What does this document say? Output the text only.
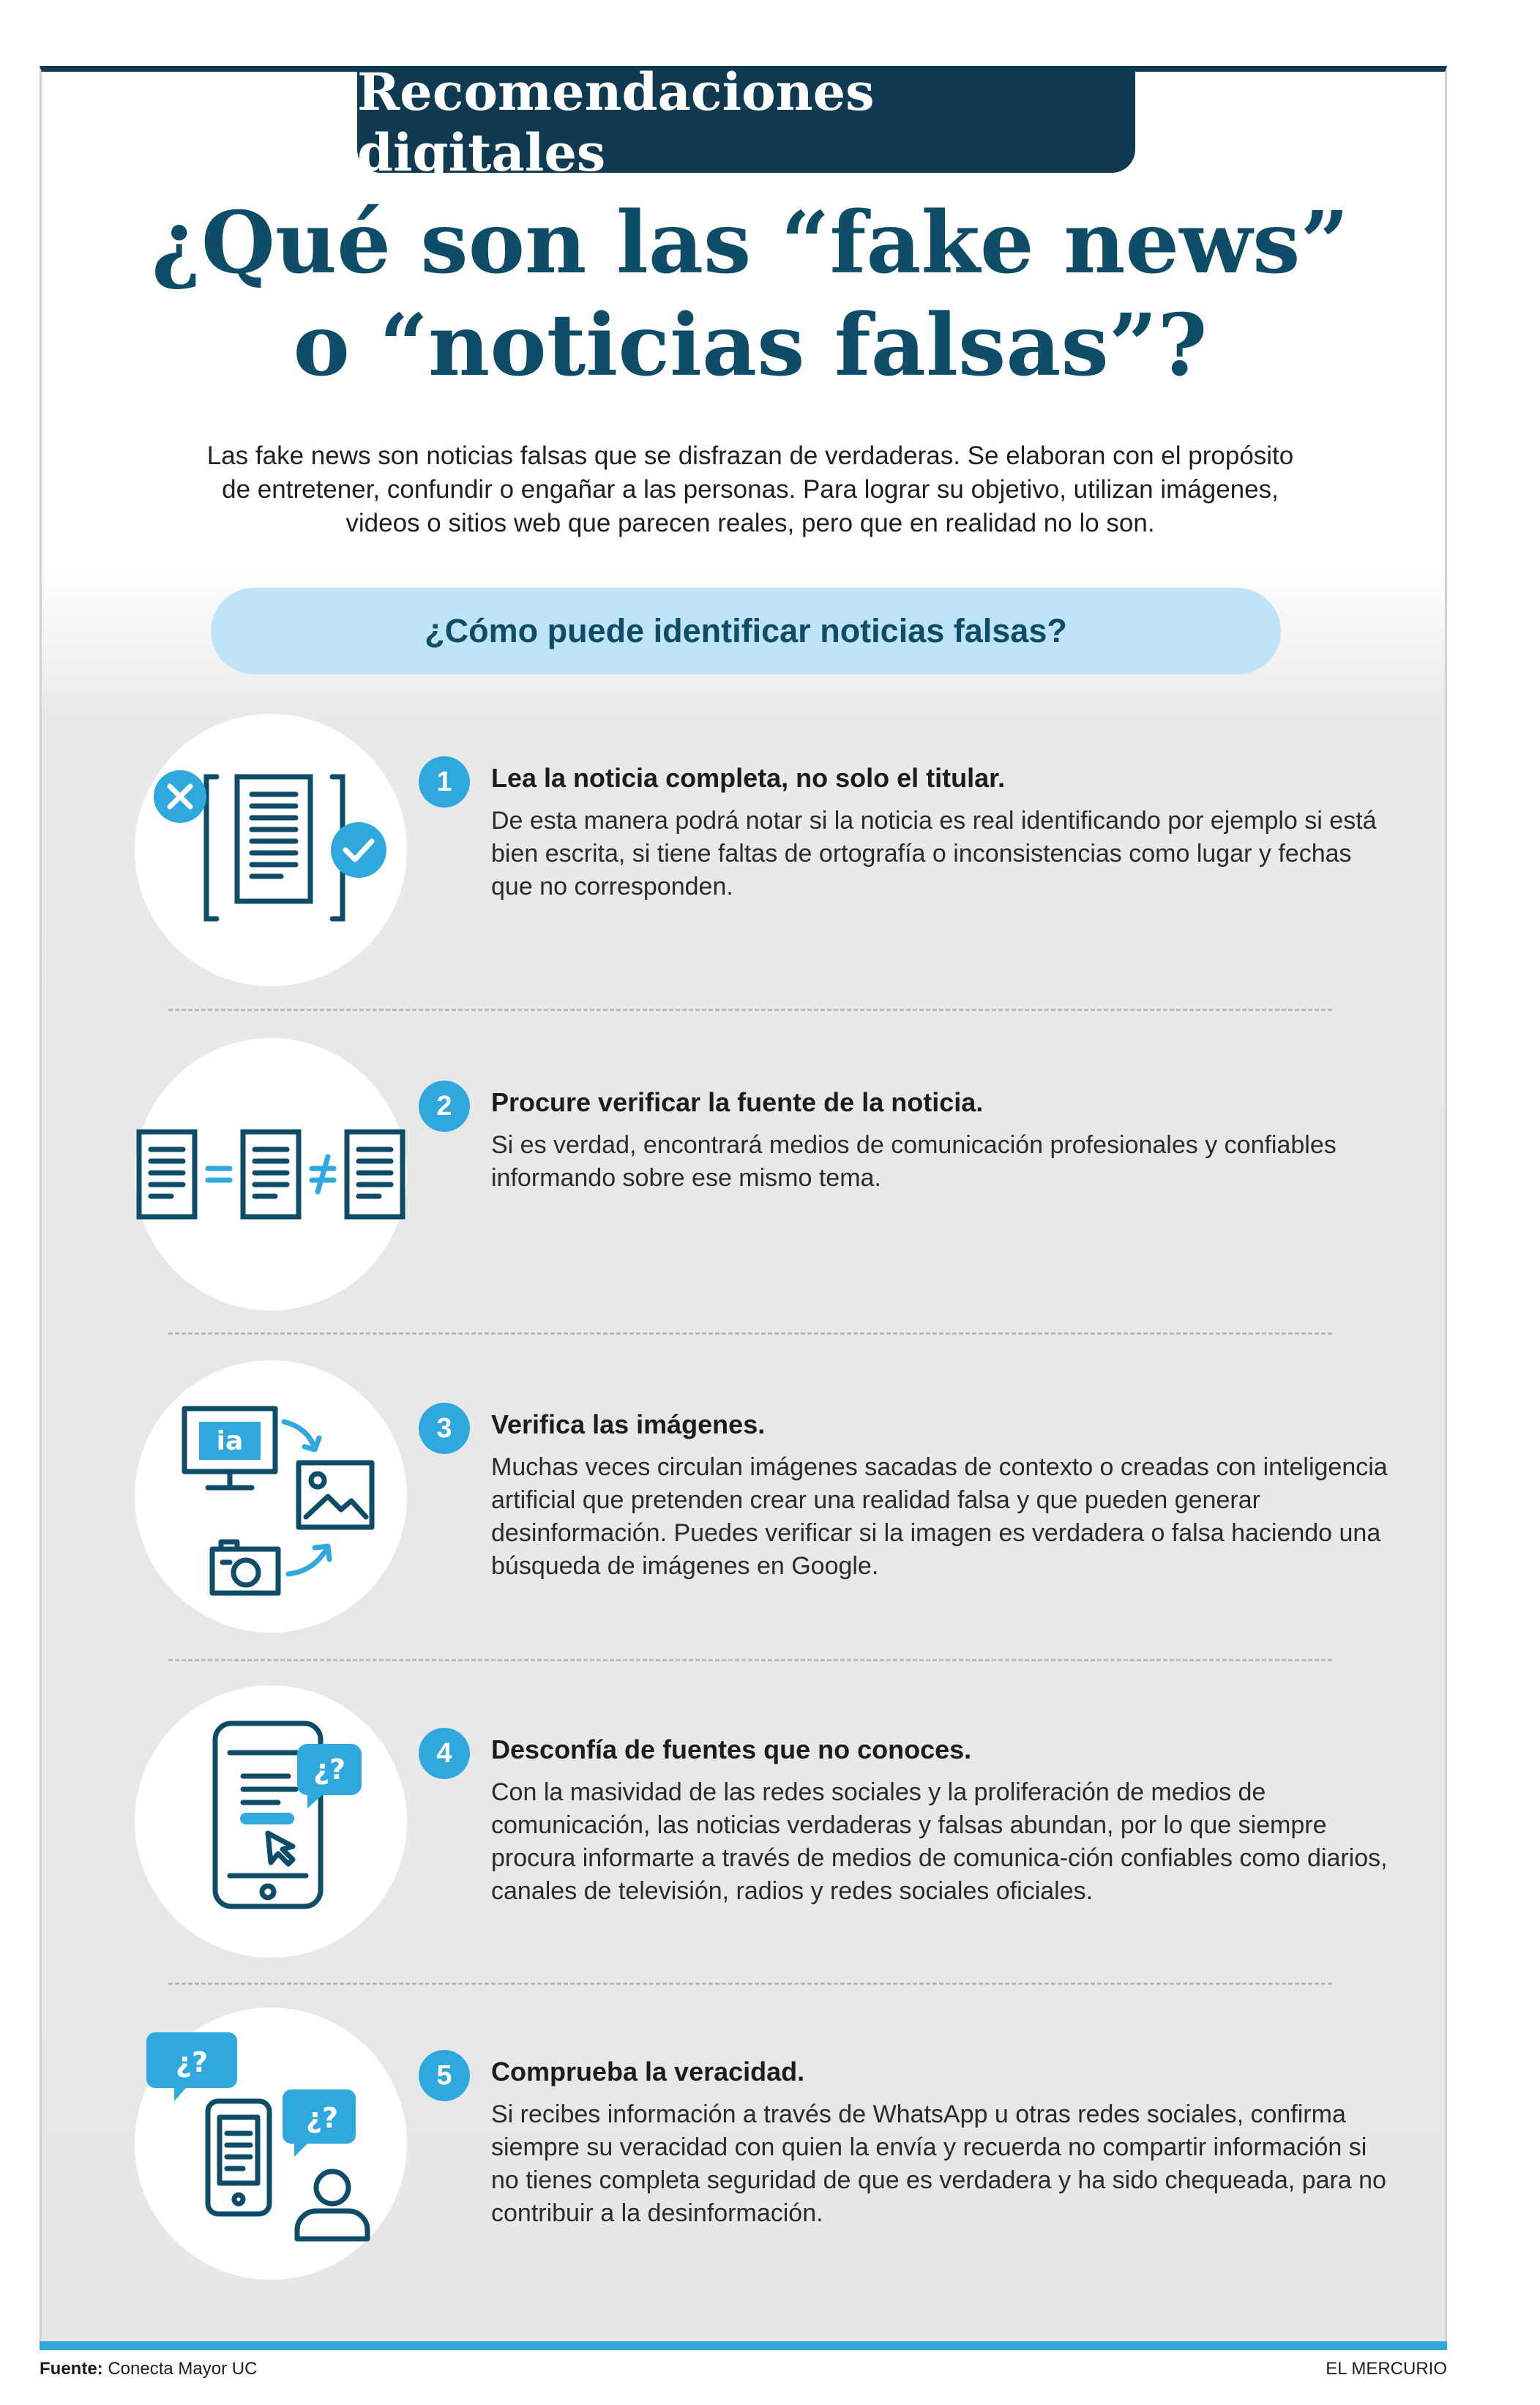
Recomendaciones digitales
¿Qué son las “fake news”
o “noticias falsas”?
Las fake news son noticias falsas que se disfrazan de verdaderas. Se elaboran con el propósito
de entretener, confundir o engañar a las personas. Para lograr su objetivo, utilizan imágenes,
videos o sitios web que parecen reales, pero que en realidad no lo son.
¿Cómo puede identificar noticias falsas?
1	Lea la noticia completa, no solo el titular.
De esta manera podrá notar si la noticia es real identificando por ejemplo si está bien escrita, si tiene faltas de ortografía o inconsistencias como lugar y fechas que no corresponden.
2	Procure verificar la fuente de la noticia.
Si es verdad, encontrará medios de comunicación profesionales y confiables informando sobre ese mismo tema.
ia	3	Verifica las imágenes.
Muchas veces circulan imágenes sacadas de contexto o creadas con inteligencia artificial que pretenden crear una realidad falsa y que pueden generar desinformación. Puedes verificar si la imagen es verdadera o falsa haciendo una búsqueda de imágenes en Google.
¿?
4	Desconfía de fuentes que no conoces.
Con la masividad de las redes sociales y la proliferación de medios de comunicación, las noticias verdaderas y falsas abundan, por lo que siempre procura informarte a través de medios de comunica-ción confiables como diarios, canales de televisión, radios y redes sociales oficiales.
¿?
¿?
5	Comprueba la veracidad.
Si recibes información a través de WhatsApp u otras redes sociales, confirma siempre su veracidad con quien la envía y recuerda no compartir información si no tienes completa seguridad de que es verdadera y ha sido chequeada, para no contribuir a la desinformación.
Fuente: Conecta Mayor UC	EL MERCURIO
